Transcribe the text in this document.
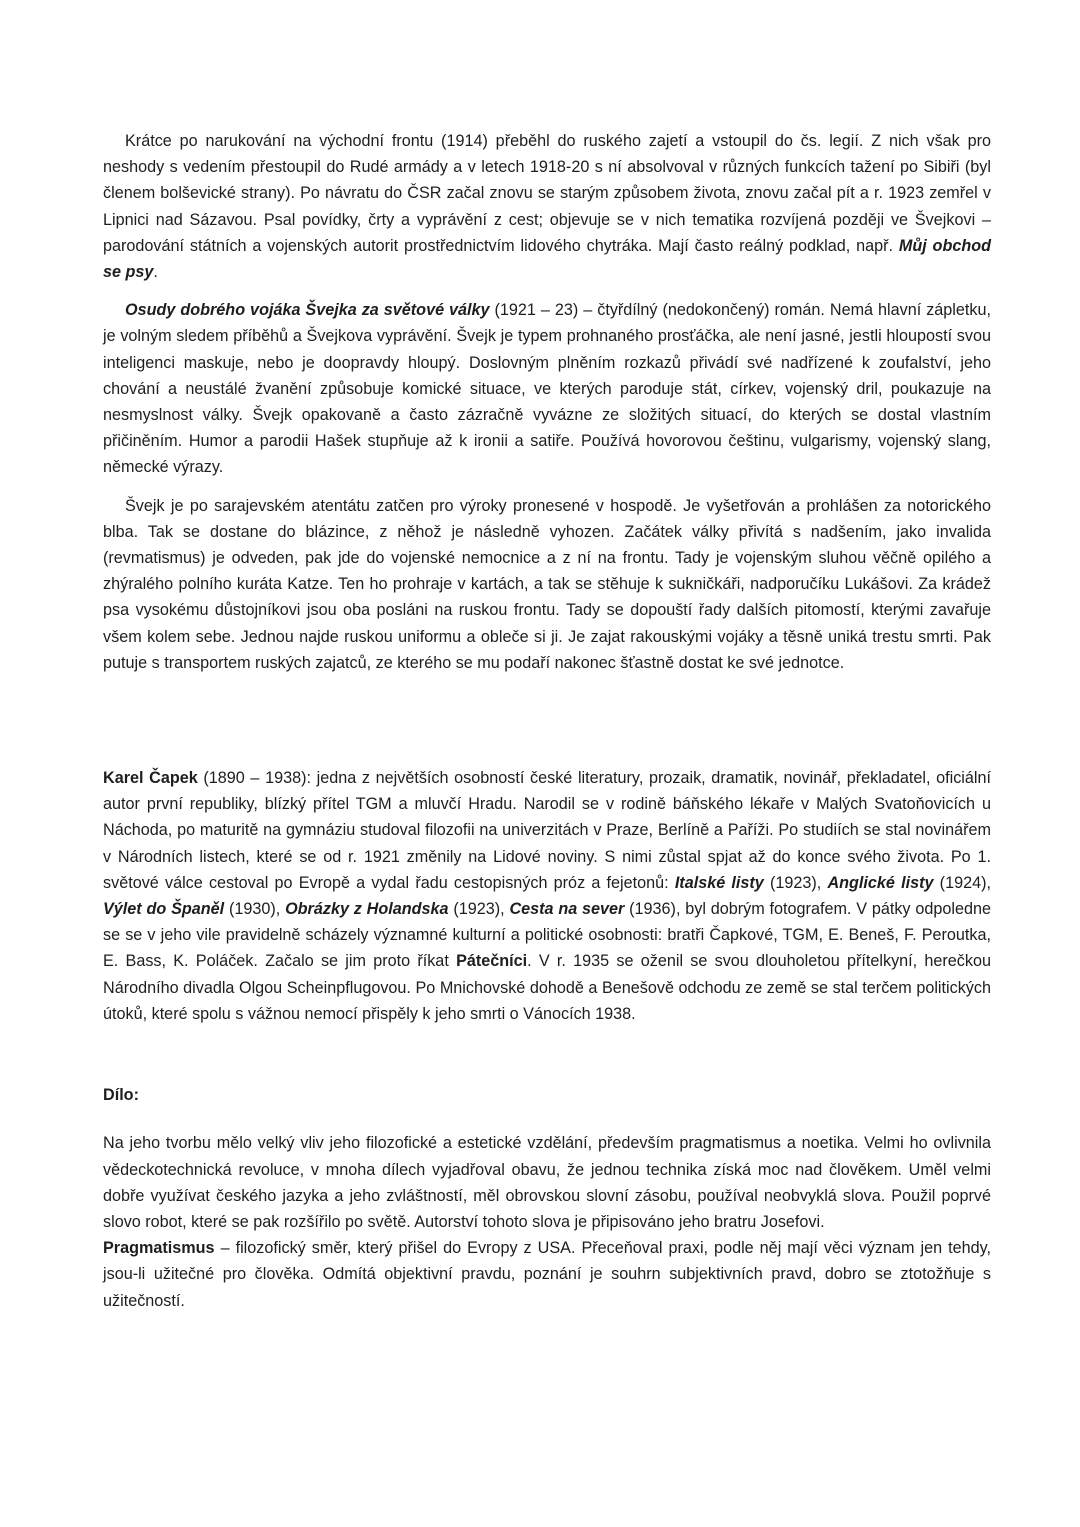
Krátce po narukování na východní frontu (1914) přeběhl do ruského zajetí a vstoupil do čs. legií. Z nich však pro neshody s vedením přestoupil do Rudé armády a v letech 1918-20 s ní absolvoval v různých funkcích tažení po Sibiři (byl členem bolševické strany). Po návratu do ČSR začal znovu se starým způsobem života, znovu začal pít a r. 1923 zemřel v Lipnici nad Sázavou. Psal povídky, črty a vyprávění z cest; objevuje se v nich tematika rozvíjená později ve Švejkovi – parodování státních a vojenských autorit prostřednictvím lidového chytráka. Mají často reálný podklad, např. Můj obchod se psy.

Osudy dobrého vojáka Švejka za světové války (1921 – 23) – čtyřdílný (nedokončený) román. Nemá hlavní zápletku, je volným sledem příběhů a Švejkova vyprávění. Švejk je typem prohnaného prosťáčka, ale není jasné, jestli hloupostí svou inteligenci maskuje, nebo je doopravdy hloupý. Doslovným plněním rozkazů přivádí své nadřízené k zoufalství, jeho chování a neustálé žvanění způsobuje komické situace, ve kterých paroduje stát, církev, vojenský dril, poukazuje na nesmyslnost války. Švejk opakovaně a často zázračně vyvázne ze složitých situací, do kterých se dostal vlastním přičiněním. Humor a parodii Hašek stupňuje až k ironii a satiře. Používá hovorovou češtinu, vulgarismy, vojenský slang, německé výrazy.

Švejk je po sarajevském atentátu zatčen pro výroky pronesené v hospodě. Je vyšetřován a prohlášen za notorického blba. Tak se dostane do blázince, z něhož je následně vyhozen. Začátek války přivítá s nadšením, jako invalida (revmatismus) je odveden, pak jde do vojenské nemocnice a z ní na frontu. Tady je vojenským sluhou věčně opilého a zhýralého polního kuráta Katze. Ten ho prohraje v kartách, a tak se stěhuje k sukničkáři, nadporučíku Lukášovi. Za krádež psa vysokému důstojníkovi jsou oba posláni na ruskou frontu. Tady se dopouští řady dalších pitomostí, kterými zavařuje všem kolem sebe. Jednou najde ruskou uniformu a obleče si ji. Je zajat rakouskými vojáky a těsně uniká trestu smrti. Pak putuje s transportem ruských zajatců, ze kterého se mu podaří nakonec šťastně dostat ke své jednotce.

Karel Čapek (1890 – 1938): jedna z největších osobností české literatury, prozaik, dramatik, novinář, překladatel, oficiální autor první republiky, blízký přítel TGM a mluvčí Hradu. Narodil se v rodině báňského lékaře v Malých Svatoňovicích u Náchoda, po maturitě na gymnáziu studoval filozofii na univerzitách v Praze, Berlíně a Paříži. Po studiích se stal novinářem v Národních listech, které se od r. 1921 změnily na Lidové noviny. S nimi zůstal spjat až do konce svého života. Po 1. světové válce cestoval po Evropě a vydal řadu cestopisných próz a fejetonů: Italské listy (1923), Anglické listy (1924), Výlet do Španěl (1930), Obrázky z Holandska (1923), Cesta na sever (1936), byl dobrým fotografem. V pátky odpoledne se se v jeho vile pravidelně scházely významné kulturní a politické osobnosti: bratři Čapkové, TGM, E. Beneš, F. Peroutka, E. Bass, K. Poláček. Začalo se jim proto říkat Pátečníci. V r. 1935 se oženil se svou dlouholetou přítelkyní, herečkou Národního divadla Olgou Scheinpflugovou. Po Mnichovské dohodě a Benešově odchodu ze země se stal terčem politických útoků, které spolu s vážnou nemocí přispěly k jeho smrti o Vánocích 1938.

Dílo:

Na jeho tvorbu mělo velký vliv jeho filozofické a estetické vzdělání, především pragmatismus a noetika. Velmi ho ovlivnila vědeckotechnická revoluce, v mnoha dílech vyjadřoval obavu, že jednou technika získá moc nad člověkem. Uměl velmi dobře využívat českého jazyka a jeho zvláštností, měl obrovskou slovní zásobu, používal neobvyklá slova. Použil poprvé slovo robot, které se pak rozšířilo po světě. Autorství tohoto slova je připisováno jeho bratru Josefovi.

Pragmatismus – filozofický směr, který přišel do Evropy z USA. Přeceňoval praxi, podle něj mají věci význam jen tehdy, jsou-li užitečné pro člověka. Odmítá objektivní pravdu, poznání je souhrn subjektivních pravd, dobro se ztotožňuje s užitečností.
